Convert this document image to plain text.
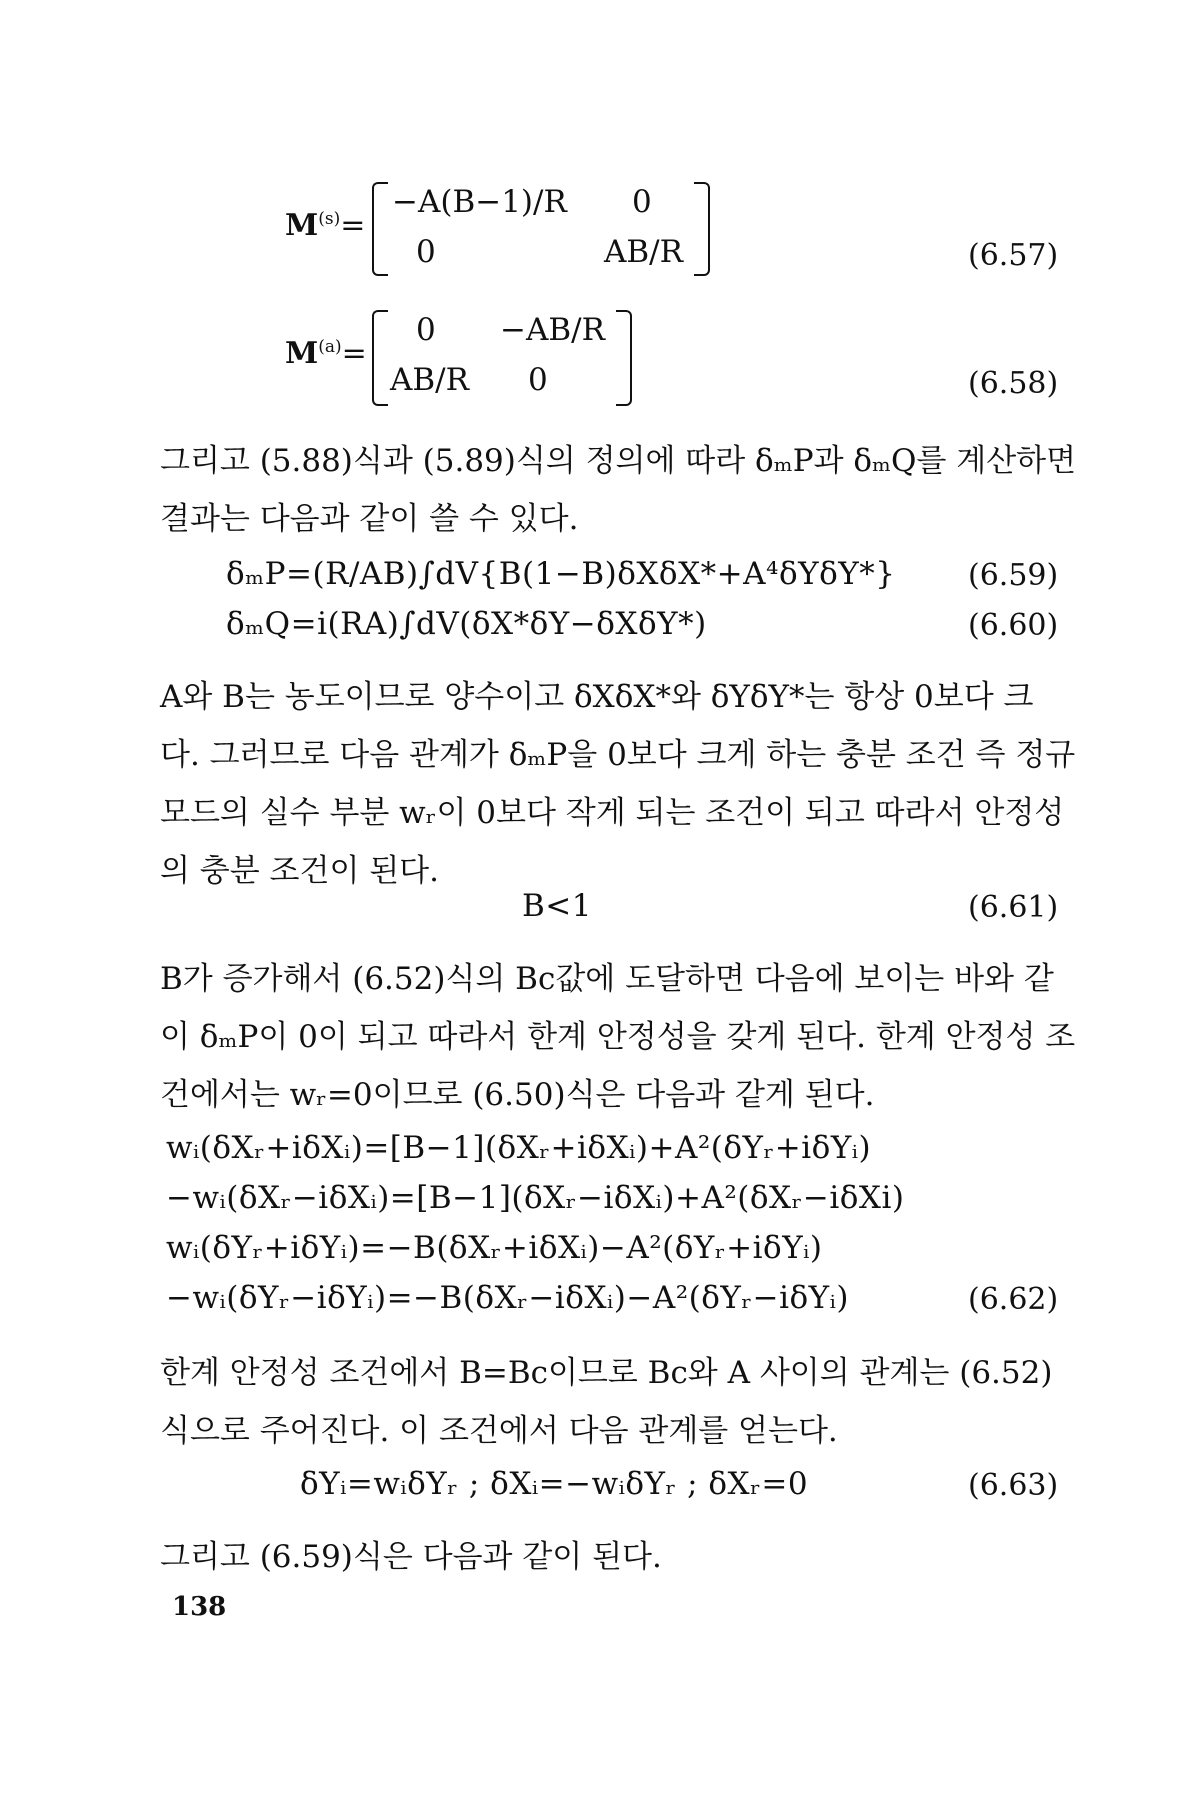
$M^{(s)}=$
−A(B−1)/R 0
0	AB/R	(6.57)
$M^{(a)}=$
0 −AB/R
AB/R 0	(6.58)
그리고 (5.88)식과 (5.89)식의 정의에 따라 δₘP과 δₘQ를 계산하면
결과는 다음과 같이 쓸 수 있다.
δₘP=(R/AB)∫dV{B(1−B)δXδX*+A⁴δYδY*} (6.59)
δₘQ=i(RA)∫dV(δX*δY−δXδY*)	(6.60)
A와 B는 농도이므로 양수이고 δXδX*와 δYδY*는 항상 0보다 크
다. 그러므로 다음 관계가 δₘP을 0보다 크게 하는 충분 조건 즉 정규
모드의 실수 부분 wᵣ이 0보다 작게 되는 조건이 되고 따라서 안정성
의 충분 조건이 된다.
B<1	(6.61)
B가 증가해서 (6.52)식의 Bc값에 도달하면 다음에 보이는 바와 같
이 δₘP이 0이 되고 따라서 한계 안정성을 갖게 된다. 한계 안정성 조
건에서는 wᵣ=0이므로 (6.50)식은 다음과 같게 된다.
wᵢ(δXᵣ+iδXᵢ)=[B−1](δXᵣ+iδXᵢ)+A²(δYᵣ+iδYᵢ)
−wᵢ(δXᵣ−iδXᵢ)=[B−1](δXᵣ−iδXᵢ)+A²(δXᵣ−iδXi)
wᵢ(δYᵣ+iδYᵢ)=−B(δXᵣ+iδXᵢ)−A²(δYᵣ+iδYᵢ)
−wᵢ(δYᵣ−iδYᵢ)=−B(δXᵣ−iδXᵢ)−A²(δYᵣ−iδYᵢ)	(6.62)
한계 안정성 조건에서 B=Bc이므로 Bc와 A 사이의 관계는 (6.52)
식으로 주어진다. 이 조건에서 다음 관계를 얻는다.
δYᵢ=wᵢδYᵣ ; δXᵢ=−wᵢδYᵣ ; δXᵣ=0	(6.63)
그리고 (6.59)식은 다음과 같이 된다.
138
